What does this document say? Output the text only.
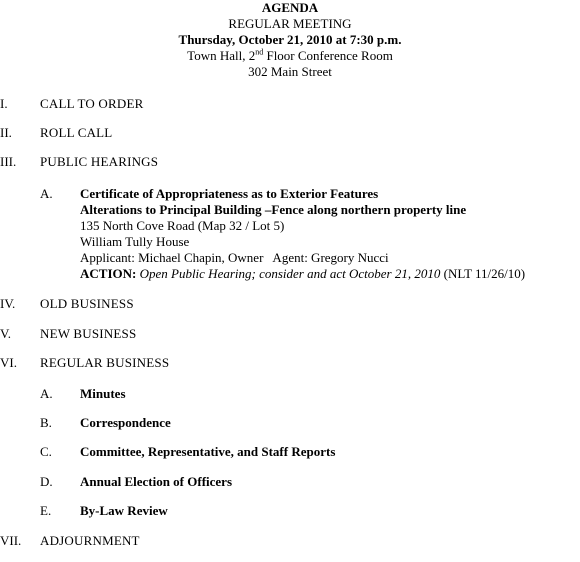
AGENDA
REGULAR MEETING
Thursday, October 21, 2010 at 7:30 p.m.
Town Hall, 2nd Floor Conference Room
302 Main Street
I. CALL TO ORDER
II. ROLL CALL
III. PUBLIC HEARINGS
A. Certificate of Appropriateness as to Exterior Features
Alterations to Principal Building –Fence along northern property line
135 North Cove Road (Map 32 / Lot 5)
William Tully House
Applicant: Michael Chapin, Owner   Agent: Gregory Nucci
ACTION: Open Public Hearing; consider and act October 21, 2010 (NLT 11/26/10)
IV. OLD BUSINESS
V. NEW BUSINESS
VI. REGULAR BUSINESS
A. Minutes
B. Correspondence
C. Committee, Representative, and Staff Reports
D. Annual Election of Officers
E. By-Law Review
VII. ADJOURNMENT
